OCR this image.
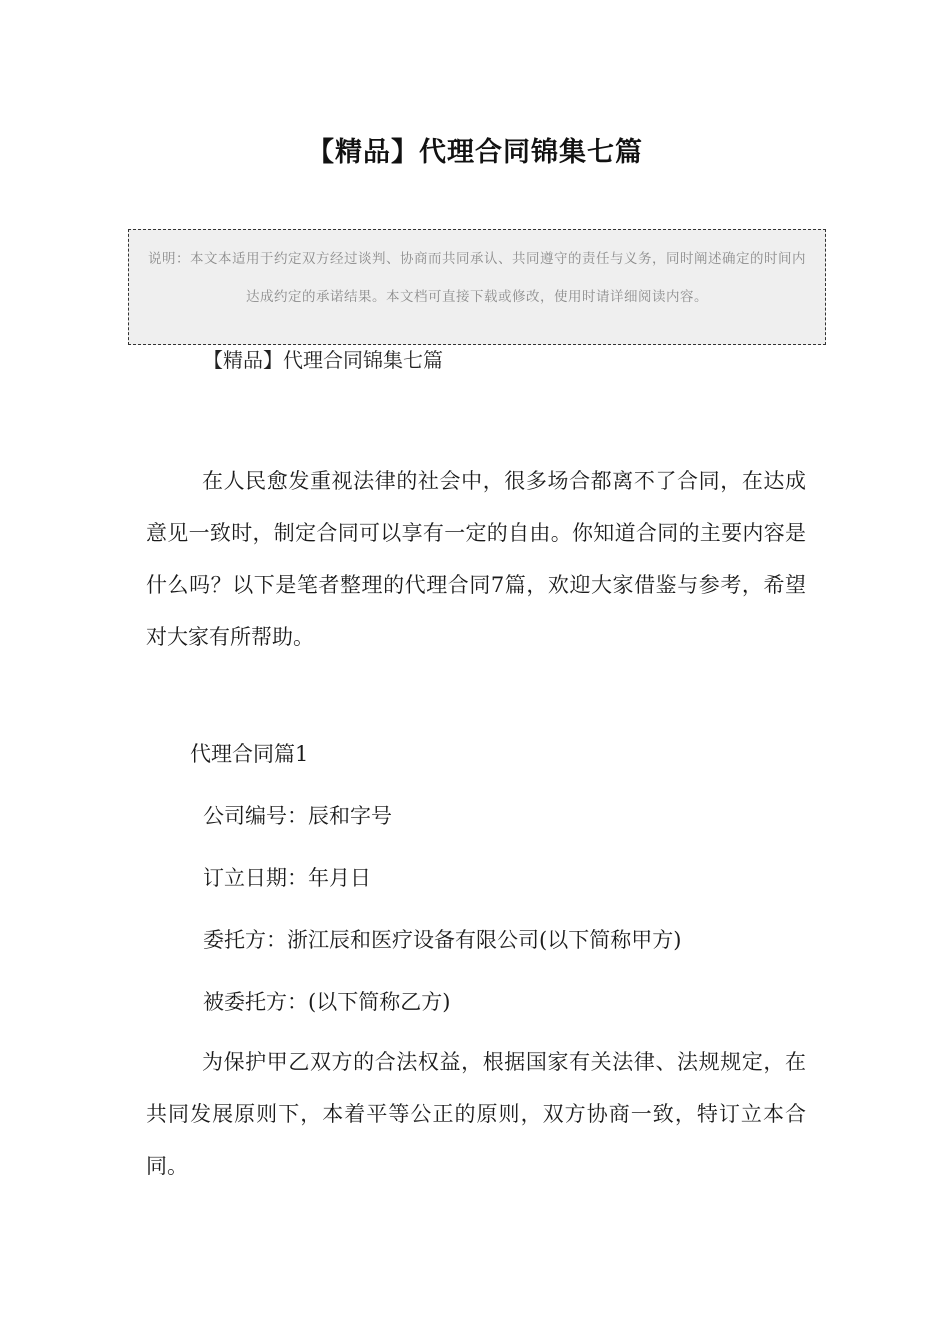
【精品】代理合同锦集七篇
说明：本文本适用于约定双方经过谈判、协商而共同承认、共同遵守的责任与义务，同时阐述确定的时间内达成约定的承诺结果。本文档可直接下载或修改，使用时请详细阅读内容。
【精品】代理合同锦集七篇

在人民愈发重视法律的社会中，很多场合都离不了合同，在达成意见一致时，制定合同可以享有一定的自由。你知道合同的主要内容是什么吗？以下是笔者整理的代理合同7篇，欢迎大家借鉴与参考，希望对大家有所帮助。

代理合同篇1
公司编号：辰和字号
订立日期：年月日
委托方：浙江辰和医疗设备有限公司(以下简称甲方)
被委托方：(以下简称乙方)

为保护甲乙双方的合法权益，根据国家有关法律、法规规定，在共同发展原则下，本着平等公正的原则，双方协商一致，特订立本合同。
